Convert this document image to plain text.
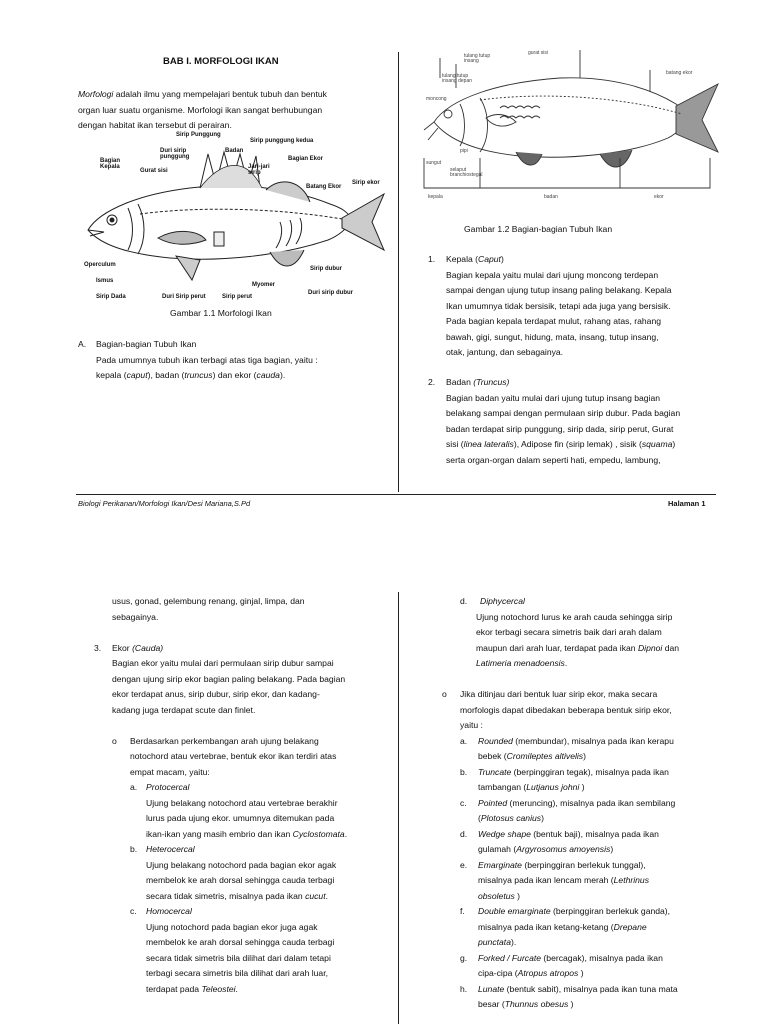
BAB I. MORFOLOGI IKAN

Morfologi adalah ilmu yang mempelajari bentuk tubuh dan bentuk

organ luar suatu organisme. Morfologi ikan sangat berhubungan

dengan habitat ikan tersebut di perairan.

Sirip Punggung
Duri sirip punggung
Badan
Sirip punggung kedua
Bagian Kepala
Gurat sisi
Jari-jari sirip
Bagian Ekor
Batang Ekor
Sirip ekor
Operculum
Ismus
Sirip Dada	Duri Sirip perut	Sirip perut
Myomer
Sirip dubur
Duri sirip dubur
Gambar 1.1 Morfologi Ikan

A. Bagian-bagian Tubuh Ikan

Pada umumnya tubuh ikan terbagi atas tiga bagian, yaitu :

kepala (caput), badan (truncus) dan ekor (cauda).

gurat sisi
tulang tutup insang
tulang tutup insang depan
batang ekor
moncong
pipi
sungut
selaput branchiostegal
kepala	badan	ekor
Gambar 1.2 Bagian-bagian Tubuh Ikan

1. Kepala (Caput)

Bagian kepala yaitu mulai dari ujung moncong terdepan

sampai dengan ujung tutup insang paling belakang. Kepala

Ikan umumnya tidak bersisik, tetapi ada juga yang bersisik.

Pada bagian kepala terdapat mulut, rahang atas, rahang

bawah, gigi, sungut, hidung, mata, insang, tutup insang,

otak, jantung, dan sebagainya.

2. Badan (Truncus)

Bagian badan yaitu mulai dari ujung tutup insang bagian

belakang sampai dengan permulaan sirip dubur. Pada bagian

badan terdapat sirip punggung, sirip dada, sirip perut, Gurat

sisi (linea lateralis), Adipose fin (sirip lemak) , sisik (squama)

serta organ-organ dalam seperti hati, empedu, lambung,

Biologi Perikanan/Morfologi Ikan/Desi Mariana,S.Pd	Halaman 1

usus, gonad, gelembung renang, ginjal, limpa, dan

sebagainya.

3. Ekor (Cauda)

Bagian ekor yaitu mulai dari permulaan sirip dubur sampai

dengan ujung sirip ekor bagian paling belakang. Pada bagian

ekor terdapat anus, sirip dubur, sirip ekor, dan kadang-

kadang juga terdapat scute dan finlet.

o Berdasarkan perkembangan arah ujung belakang

notochord atau vertebrae, bentuk ekor ikan terdiri atas

empat macam, yaitu:

a. Protocercal

Ujung belakang notochord atau vertebrae berakhir

lurus pada ujung ekor. umumnya ditemukan pada

ikan-ikan yang masih embrio dan ikan Cyclostomata.

b. Heterocercal

Ujung belakang notochord pada bagian ekor agak

membelok ke arah dorsal sehingga cauda terbagi

secara tidak simetris, misalnya pada ikan cucut.

c. Homocercal

Ujung notochord pada bagian ekor juga agak

membelok ke arah dorsal sehingga cauda terbagi

secara tidak simetris bila dilihat dari dalam tetapi

terbagi secara simetris bila dilihat dari arah luar,

terdapat pada Teleostei.

d. Diphycercal

Ujung notochord lurus ke arah cauda sehingga sirip

ekor terbagi secara simetris baik dari arah dalam

maupun dari arah luar, terdapat pada ikan Dipnoi dan

Latimeria menadoensis.

o Jika ditinjau dari bentuk luar sirip ekor, maka secara

morfologis dapat dibedakan beberapa bentuk sirip ekor,

yaitu :

a. Rounded (membundar), misalnya pada ikan kerapu

bebek (Cromileptes altivelis)

b. Truncate (berpinggiran tegak), misalnya pada ikan

tambangan (Lutjanus johni )

c. Pointed (meruncing), misalnya pada ikan sembilang

(Plotosus canius)

d. Wedge shape (bentuk baji), misalnya pada ikan

gulamah (Argyrosomus amoyensis)

e. Emarginate (berpinggiran berlekuk tunggal),

misalnya pada ikan lencam merah (Lethrinus

obsoletus )

f. Double emarginate (berpinggiran berlekuk ganda),

misalnya pada ikan ketang-ketang (Drepane

punctata).

g. Forked / Furcate (bercagak), misalnya pada ikan

cipa-cipa (Atropus atropos )

h. Lunate (bentuk sabit), misalnya pada ikan tuna mata

besar (Thunnus obesus )
